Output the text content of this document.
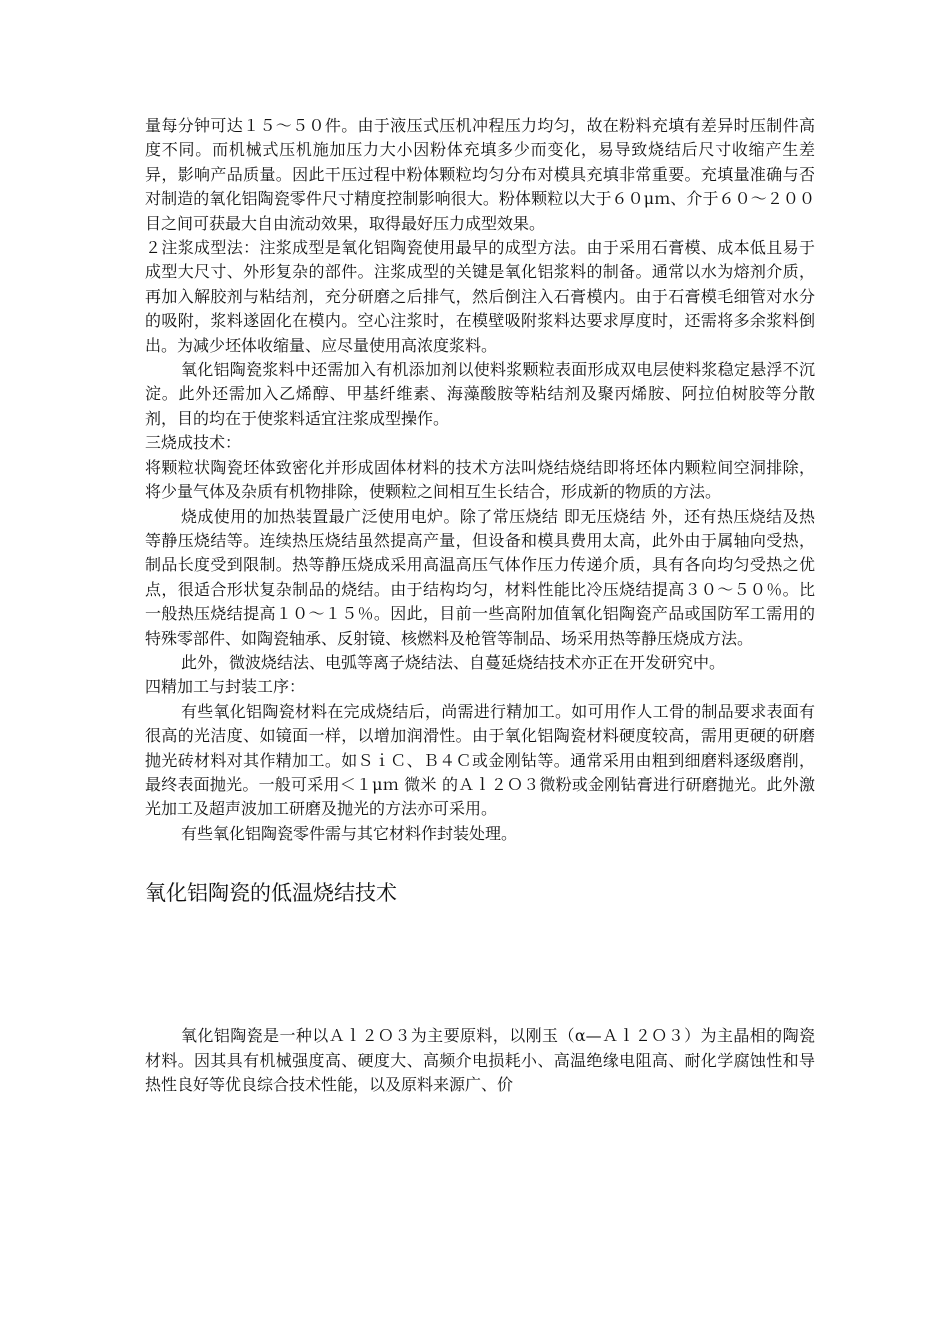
量每分钟可达１５～５０件。由于液压式压机冲程压力均匀，故在粉料充填有差异时压制件高度不同。而机械式压机施加压力大小因粉体充填多少而变化，易导致烧结后尺寸收缩产生差异，影响产品质量。因此干压过程中粉体颗粒均匀分布对模具充填非常重要。充填量准确与否对制造的氧化铝陶瓷零件尺寸精度控制影响很大。粉体颗粒以大于６０μｍ、介于６０～２００目之间可获最大自由流动效果，取得最好压力成型效果。

２注浆成型法：注浆成型是氧化铝陶瓷使用最早的成型方法。由于采用石膏模、成本低且易于成型大尺寸、外形复杂的部件。注浆成型的关键是氧化铝浆料的制备。通常以水为熔剂介质，再加入解胶剂与粘结剂，充分研磨之后排气，然后倒注入石膏模内。由于石膏模毛细管对水分的吸附，浆料遂固化在模内。空心注浆时，在模壁吸附浆料达要求厚度时，还需将多余浆料倒出。为减少坯体收缩量、应尽量使用高浓度浆料。

氧化铝陶瓷浆料中还需加入有机添加剂以使料浆颗粒表面形成双电层使料浆稳定悬浮不沉淀。此外还需加入乙烯醇、甲基纤维素、海藻酸胺等粘结剂及聚丙烯胺、阿拉伯树胶等分散剂，目的均在于使浆料适宜注浆成型操作。

三烧成技术：

将颗粒状陶瓷坯体致密化并形成固体材料的技术方法叫烧结烧结即将坯体内颗粒间空洞排除，将少量气体及杂质有机物排除，使颗粒之间相互生长结合，形成新的物质的方法。

烧成使用的加热装置最广泛使用电炉。除了常压烧结 即无压烧结 外，还有热压烧结及热等静压烧结等。连续热压烧结虽然提高产量，但设备和模具费用太高，此外由于属轴向受热，制品长度受到限制。热等静压烧成采用高温高压气体作压力传递介质，具有各向均匀受热之优点，很适合形状复杂制品的烧结。由于结构均匀，材料性能比冷压烧结提高３０～５０％。比一般热压烧结提高１０～１５％。因此，目前一些高附加值氧化铝陶瓷产品或国防军工需用的特殊零部件、如陶瓷轴承、反射镜、核燃料及枪管等制品、场采用热等静压烧成方法。

此外，微波烧结法、电弧等离子烧结法、自蔓延烧结技术亦正在开发研究中。

四精加工与封装工序：

有些氧化铝陶瓷材料在完成烧结后，尚需进行精加工。如可用作人工骨的制品要求表面有很高的光洁度、如镜面一样，以增加润滑性。由于氧化铝陶瓷材料硬度较高，需用更硬的研磨抛光砖材料对其作精加工。如ＳｉＣ、Ｂ４Ｃ或金刚钻等。通常采用由粗到细磨料逐级磨削，最终表面抛光。一般可采用＜１μｍ 微米 的Ａｌ２Ｏ３微粉或金刚钻膏进行研磨抛光。此外激光加工及超声波加工研磨及抛光的方法亦可采用。

有些氧化铝陶瓷零件需与其它材料作封装处理。

氧化铝陶瓷的低温烧结技术

氧化铝陶瓷是一种以Ａｌ２Ｏ３为主要原料，以刚玉（α—Ａｌ２Ｏ３）为主晶相的陶瓷材料。因其具有机械强度高、硬度大、高频介电损耗小、高温绝缘电阻高、耐化学腐蚀性和导热性良好等优良综合技术性能，以及原料来源广、价
